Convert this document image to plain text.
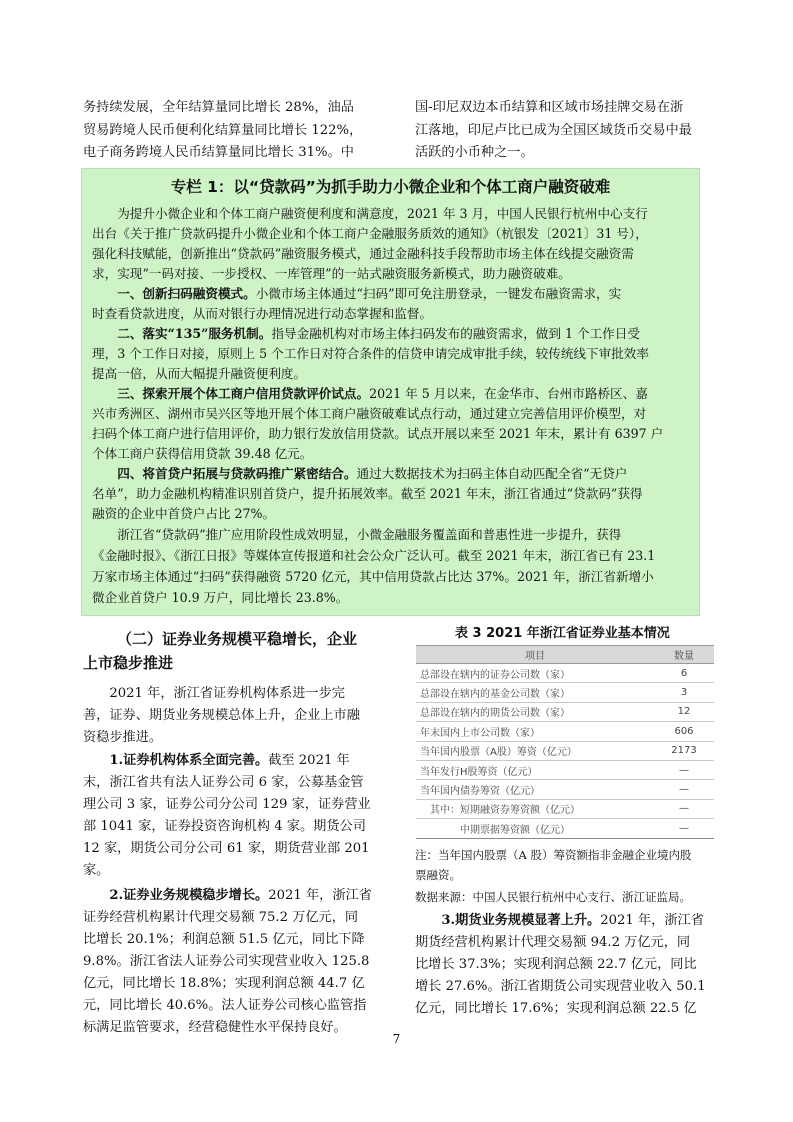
务持续发展，全年结算量同比增长 28%，油品
贸易跨境人民币便利化结算量同比增长 122%，
电子商务跨境人民币结算量同比增长 31%。中
国-印尼双边本币结算和区域市场挂牌交易在浙
江落地，印尼卢比已成为全国区域货币交易中最
活跃的小币种之一。
专栏 1：以“贷款码”为抓手助力小微企业和个体工商户融资破难
　　为提升小微企业和个体工商户融资便利度和满意度，2021 年 3 月，中国人民银行杭州中心支行
出台《关于推广贷款码提升小微企业和个体工商户金融服务质效的通知》（杭银发〔2021〕31 号），
强化科技赋能，创新推出“贷款码”融资服务模式，通过金融科技手段帮助市场主体在线提交融资需
求，实现“一码对接、一步授权、一库管理”的一站式融资服务新模式，助力融资破难。
　　一、创新扫码融资模式。小微市场主体通过“扫码”即可免注册登录，一键发布融资需求，实
时查看贷款进度，从而对银行办理情况进行动态掌握和监督。
　　二、落实“135”服务机制。指导金融机构对市场主体扫码发布的融资需求，做到 1 个工作日受
理，3 个工作日对接，原则上 5 个工作日对符合条件的信贷申请完成审批手续，较传统线下审批效率
提高一倍，从而大幅提升融资便利度。
　　三、探索开展个体工商户信用贷款评价试点。2021 年 5 月以来，在金华市、台州市路桥区、嘉
兴市秀洲区、湖州市吴兴区等地开展个体工商户融资破难试点行动，通过建立完善信用评价模型，对
扫码个体工商户进行信用评价，助力银行发放信用贷款。试点开展以来至 2021 年末，累计有 6397 户
个体工商户获得信用贷款 39.48 亿元。
　　四、将首贷户拓展与贷款码推广紧密结合。通过大数据技术为扫码主体自动匹配全省“无贷户
名单”，助力金融机构精准识别首贷户，提升拓展效率。截至 2021 年末，浙江省通过“贷款码”获得
融资的企业中首贷户占比 27%。
　　浙江省“贷款码”推广应用阶段性成效明显，小微金融服务覆盖面和普惠性进一步提升，获得
《金融时报》、《浙江日报》等媒体宣传报道和社会公众广泛认可。截至 2021 年末，浙江省已有 23.1
万家市场主体通过“扫码”获得融资 5720 亿元，其中信用贷款占比达 37%。2021 年，浙江省新增小
微企业首贷户 10.9 万户，同比增长 23.8%。
（二）证券业务规模平稳增长，企业
上市稳步推进
　　2021 年，浙江省证券机构体系进一步完
善，证券、期货业务规模总体上升，企业上市融
资稳步推进。
　　1.证券机构体系全面完善。截至 2021 年
末，浙江省共有法人证券公司 6 家，公募基金管
理公司 3 家，证券公司分公司 129 家，证券营业
部 1041 家，证券投资咨询机构 4 家。期货公司
12 家，期货公司分公司 61 家，期货营业部 201
家。
　　2.证券业务规模稳步增长。2021 年，浙江省
证券经营机构累计代理交易额 75.2 万亿元，同
比增长 20.1%；利润总额 51.5 亿元，同比下降
9.8%。浙江省法人证券公司实现营业收入 125.8
亿元，同比增长 18.8%；实现利润总额 44.7 亿
元，同比增长 40.6%。法人证券公司核心监管指
标满足监管要求，经营稳健性水平保持良好。
表 3 2021 年浙江省证券业基本情况
项目	数量
总部设在辖内的证券公司数（家）	6
总部设在辖内的基金公司数（家）	3
总部设在辖内的期货公司数（家）	12
年末国内上市公司数（家）	606
当年国内股票（A股）筹资（亿元）	2173
当年发行H股筹资（亿元）	—
当年国内债券筹资（亿元）	—
　其中：短期融资券筹资额（亿元）	—
　　　　中期票据筹资额（亿元）	—
注：当年国内股票（A 股）筹资额指非金融企业境内股
票融资。
数据来源：中国人民银行杭州中心支行、浙江证监局。
　　3.期货业务规模显著上升。2021 年，浙江省
期货经营机构累计代理交易额 94.2 万亿元，同
比增长 37.3%；实现利润总额 22.7 亿元，同比
增长 27.6%。浙江省期货公司实现营业收入 50.1
亿元，同比增长 17.6%；实现利润总额 22.5 亿
7
